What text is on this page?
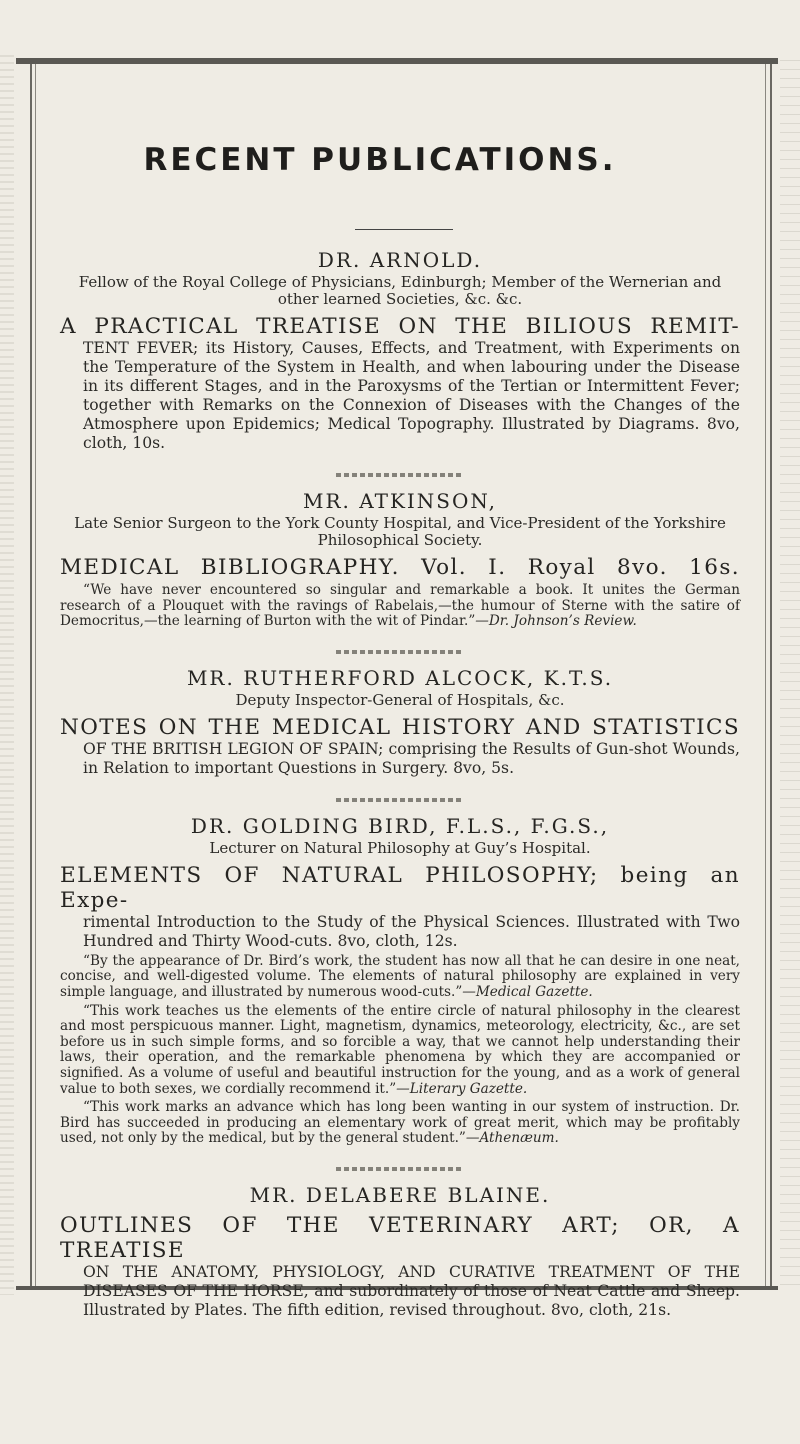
RECENT PUBLICATIONS.

DR. ARNOLD.

Fellow of the Royal College of Physicians, Edinburgh; Member of the Wernerian and other learned Societies, &c. &c.

A PRACTICAL TREATISE ON THE BILIOUS REMIT-

TENT FEVER; its History, Causes, Effects, and Treatment, with Experiments on the Temperature of the System in Health, and when labouring under the Disease in its different Stages, and in the Paroxysms of the Tertian or Intermittent Fever; together with Remarks on the Connexion of Diseases with the Changes of the Atmosphere upon Epidemics; Medical Topography. Illustrated by Diagrams. 8vo, cloth, 10s.

MR. ATKINSON,

Late Senior Surgeon to the York County Hospital, and Vice-President of the Yorkshire Philosophical Society.

MEDICAL BIBLIOGRAPHY. Vol. I. Royal 8vo. 16s.

“We have never encountered so singular and remarkable a book. It unites the German research of a Plouquet with the ravings of Rabelais,—the humour of Sterne with the satire of Democritus,—the learning of Burton with the wit of Pindar.”—Dr. Johnson’s Review.

MR. RUTHERFORD ALCOCK, K.T.S.

Deputy Inspector-General of Hospitals, &c.

NOTES ON THE MEDICAL HISTORY AND STATISTICS

OF THE BRITISH LEGION OF SPAIN; comprising the Results of Gun-shot Wounds, in Relation to important Questions in Surgery. 8vo, 5s.

DR. GOLDING BIRD, F.L.S., F.G.S.,

Lecturer on Natural Philosophy at Guy’s Hospital.

ELEMENTS OF NATURAL PHILOSOPHY; being an Expe-

rimental Introduction to the Study of the Physical Sciences. Illustrated with Two Hundred and Thirty Wood-cuts. 8vo, cloth, 12s.

“By the appearance of Dr. Bird’s work, the student has now all that he can desire in one neat, concise, and well-digested volume. The elements of natural philosophy are explained in very simple language, and illustrated by numerous wood-cuts.”—Medical Gazette.

“This work teaches us the elements of the entire circle of natural philosophy in the clearest and most perspicuous manner. Light, magnetism, dynamics, meteorology, electricity, &c., are set before us in such simple forms, and so forcible a way, that we cannot help understanding their laws, their operation, and the remarkable phenomena by which they are accompanied or signified. As a volume of useful and beautiful instruction for the young, and as a work of general value to both sexes, we cordially recommend it.”—Literary Gazette.

“This work marks an advance which has long been wanting in our system of instruction. Dr. Bird has succeeded in producing an elementary work of great merit, which may be profitably used, not only by the medical, but by the general student.”—Athenæum.

MR. DELABERE BLAINE.

OUTLINES OF THE VETERINARY ART; OR, A TREATISE

ON THE ANATOMY, PHYSIOLOGY, AND CURATIVE TREATMENT OF THE DISEASES OF THE HORSE, and subordinately of those of Neat Cattle and Sheep. Illustrated by Plates. The fifth edition, revised throughout. 8vo, cloth, 21s.
